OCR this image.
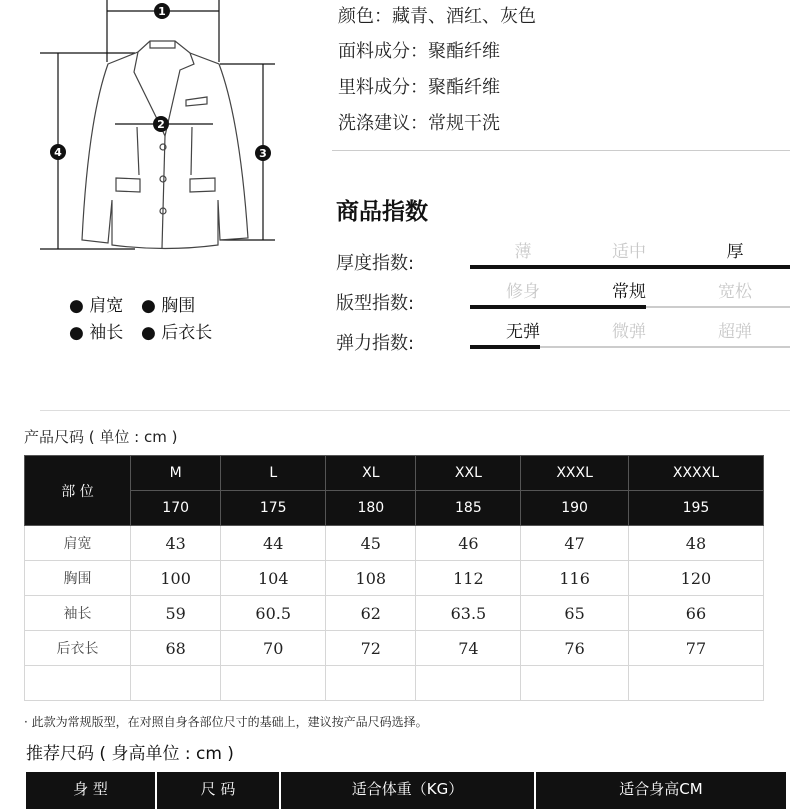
1
2
3
4
● 肩宽 ● 胸围
● 袖长 ● 后衣长
颜色：藏青、酒红、灰色
面料成分：聚酯纤维
里料成分：聚酯纤维
洗涤建议：常规干洗
商品指数
厚度指数:
薄	适中	厚
版型指数:
修身	常规	宽松
弹力指数:
无弹	微弹	超弹
产品尺码 ( 单位 : cm )
部 位	M	L	XL	XXL	XXXL	XXXXL
	170	175	180	185	190	195
肩宽	43	44	45	46	47	48
胸围	100	104	108	112	116	120
袖长	59	60.5	62	63.5	65	66
后衣长	68	70	72	74	76	77

· 此款为常规版型，在对照自身各部位尺寸的基础上，建议按产品尺码选择。
推荐尺码 ( 身高单位 : cm )
身 型	尺 码	适合体重（KG）	适合身高CM
